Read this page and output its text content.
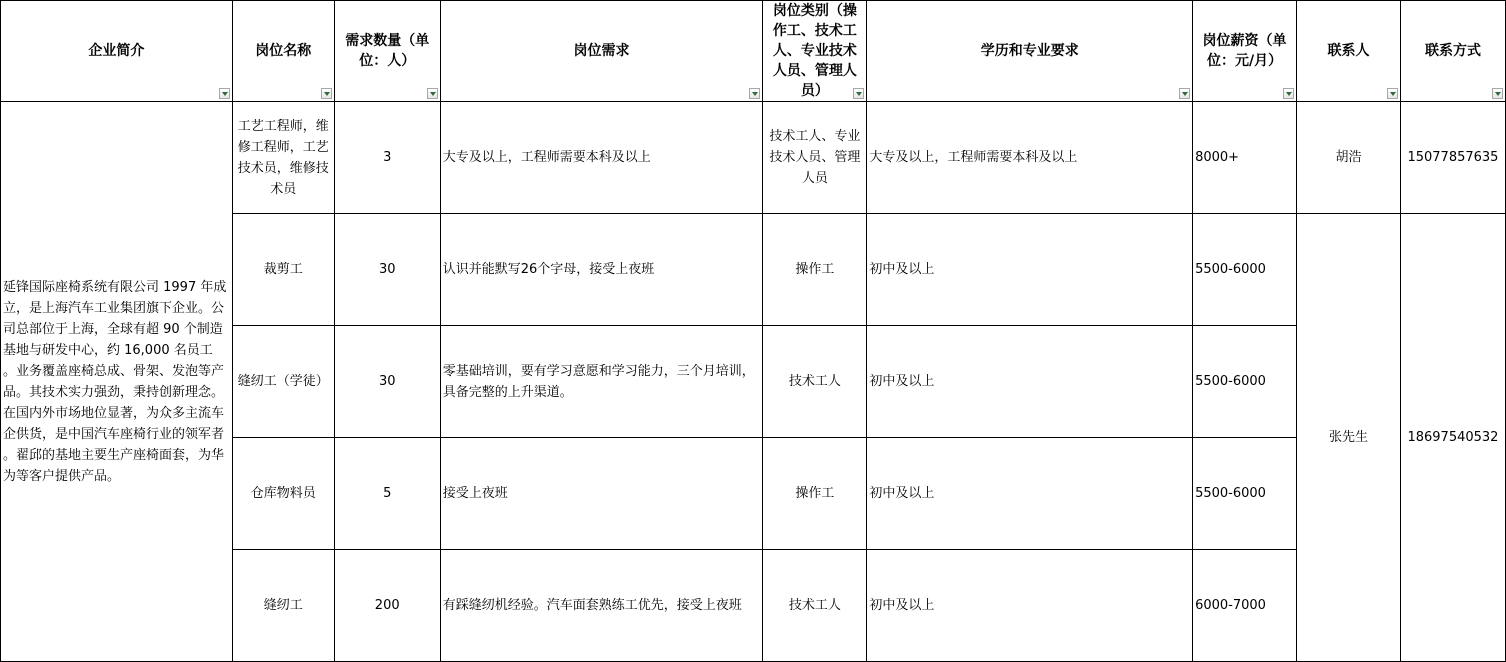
企业简介	岗位名称	需求数量（单位：人）	岗位需求	岗位类别（操作工、技术工人、专业技术人员、管理人员）	学历和专业要求	岗位薪资（单位：元/月）	联系人	联系方式

延锋国际座椅系统有限公司 1997 年成立，是上海汽车工业集团旗下企业。公司总部位于上海，全球有超 90 个制造基地与研发中心，约 16,000 名员工 。业务覆盖座椅总成、骨架、发泡等产品。其技术实力强劲，秉持创新理念。在国内外市场地位显著，为众多主流车企供货，是中国汽车座椅行业的领军者 。翟邱的基地主要生产座椅面套，为华为等客户提供产品。	工艺工程师，维修工程师，工艺技术员，维修技术员	3	大专及以上，工程师需要本科及以上	技术工人、专业技术人员、管理人员	大专及以上，工程师需要本科及以上	8000+	胡浩	15077857635
	裁剪工	30	认识并能默写26个字母，接受上夜班	操作工	初中及以上	5500-6000	张先生	18697540532
	缝纫工（学徒）	30	零基础培训，要有学习意愿和学习能力，三个月培训，具备完整的上升渠道。	技术工人	初中及以上	5500-6000		
	仓库物料员	5	接受上夜班	操作工	初中及以上	5500-6000		
	缝纫工	200	有踩缝纫机经验。汽车面套熟练工优先，接受上夜班	技术工人	初中及以上	6000-7000		
